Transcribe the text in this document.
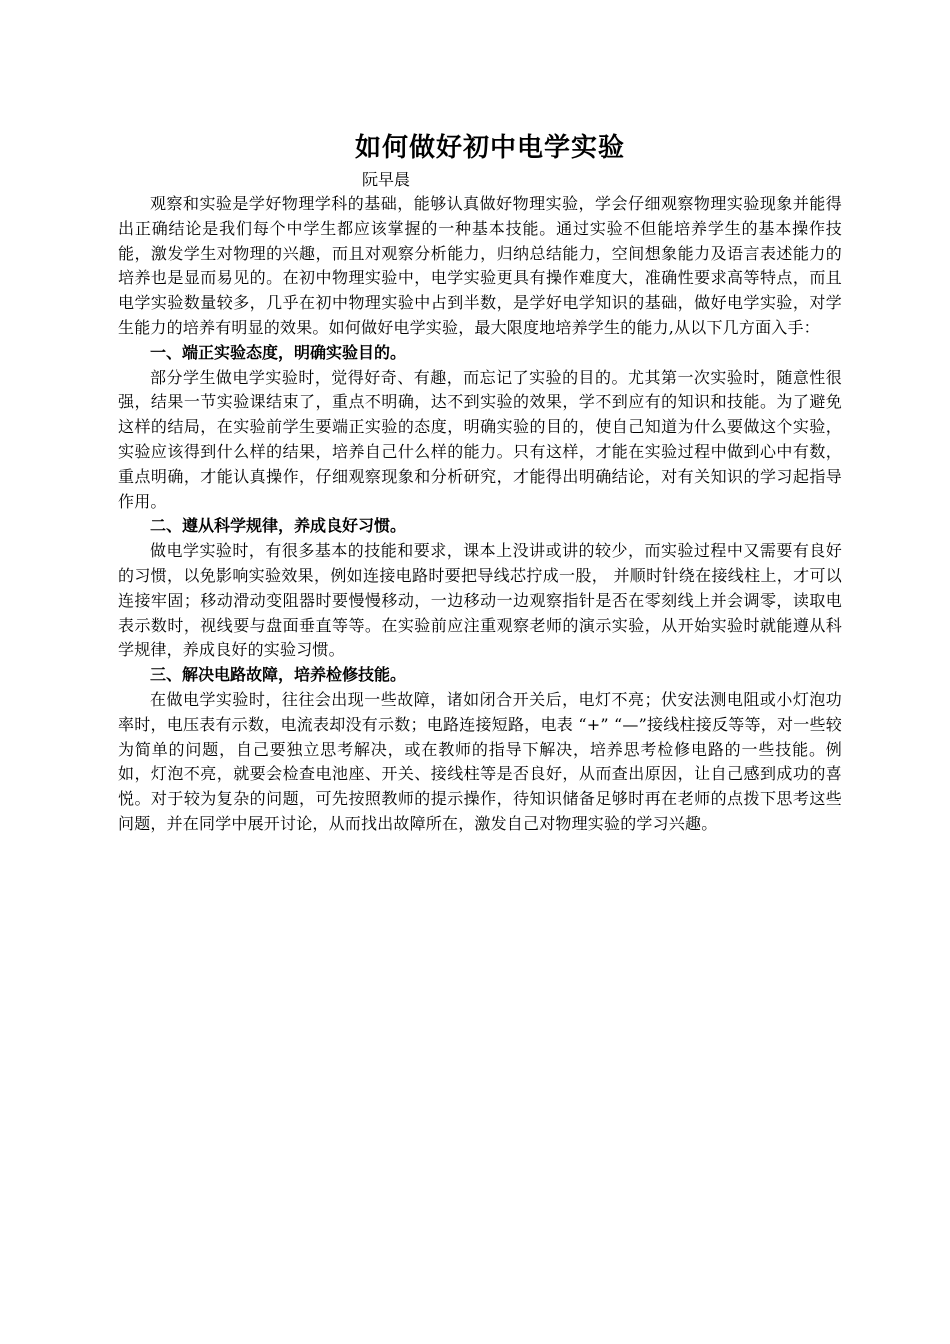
如何做好初中电学实验

阮早晨

观察和实验是学好物理学科的基础，能够认真做好物理实验，学会仔细观察物理实验现象并能得出正确结论是我们每个中学生都应该掌握的一种基本技能。通过实验不但能培养学生的基本操作技能，激发学生对物理的兴趣，而且对观察分析能力，归纳总结能力，空间想象能力及语言表述能力的培养也是显而易见的。在初中物理实验中，电学实验更具有操作难度大，准确性要求高等特点，而且电学实验数量较多，几乎在初中物理实验中占到半数，是学好电学知识的基础，做好电学实验，对学生能力的培养有明显的效果。如何做好电学实验，最大限度地培养学生的能力,从以下几方面入手：

一、端正实验态度，明确实验目的。

部分学生做电学实验时，觉得好奇、有趣，而忘记了实验的目的。尤其第一次实验时，随意性很强，结果一节实验课结束了，重点不明确，达不到实验的效果，学不到应有的知识和技能。为了避免这样的结局，在实验前学生要端正实验的态度，明确实验的目的，使自己知道为什么要做这个实验，实验应该得到什么样的结果，培养自己什么样的能力。只有这样，才能在实验过程中做到心中有数，重点明确，才能认真操作，仔细观察现象和分析研究，才能得出明确结论，对有关知识的学习起指导作用。

二、遵从科学规律，养成良好习惯。

做电学实验时，有很多基本的技能和要求，课本上没讲或讲的较少，而实验过程中又需要有良好的习惯，以免影响实验效果，例如连接电路时要把导线芯拧成一股， 并顺时针绕在接线柱上，才可以连接牢固；移动滑动变阻器时要慢慢移动，一边移动一边观察指针是否在零刻线上并会调零，读取电表示数时，视线要与盘面垂直等等。在实验前应注重观察老师的演示实验，从开始实验时就能遵从科学规律，养成良好的实验习惯。

三、解决电路故障，培养检修技能。

在做电学实验时，往往会出现一些故障，诸如闭合开关后，电灯不亮；伏安法测电阻或小灯泡功率时，电压表有示数，电流表却没有示数；电路连接短路，电表 “+” “—”接线柱接反等等，对一些较为简单的问题，自己要独立思考解决，或在教师的指导下解决，培养思考检修电路的一些技能。例如，灯泡不亮，就要会检查电池座、开关、接线柱等是否良好，从而查出原因，让自己感到成功的喜悦。对于较为复杂的问题，可先按照教师的提示操作，待知识储备足够时再在老师的点拨下思考这些问题，并在同学中展开讨论，从而找出故障所在，激发自己对物理实验的学习兴趣。
